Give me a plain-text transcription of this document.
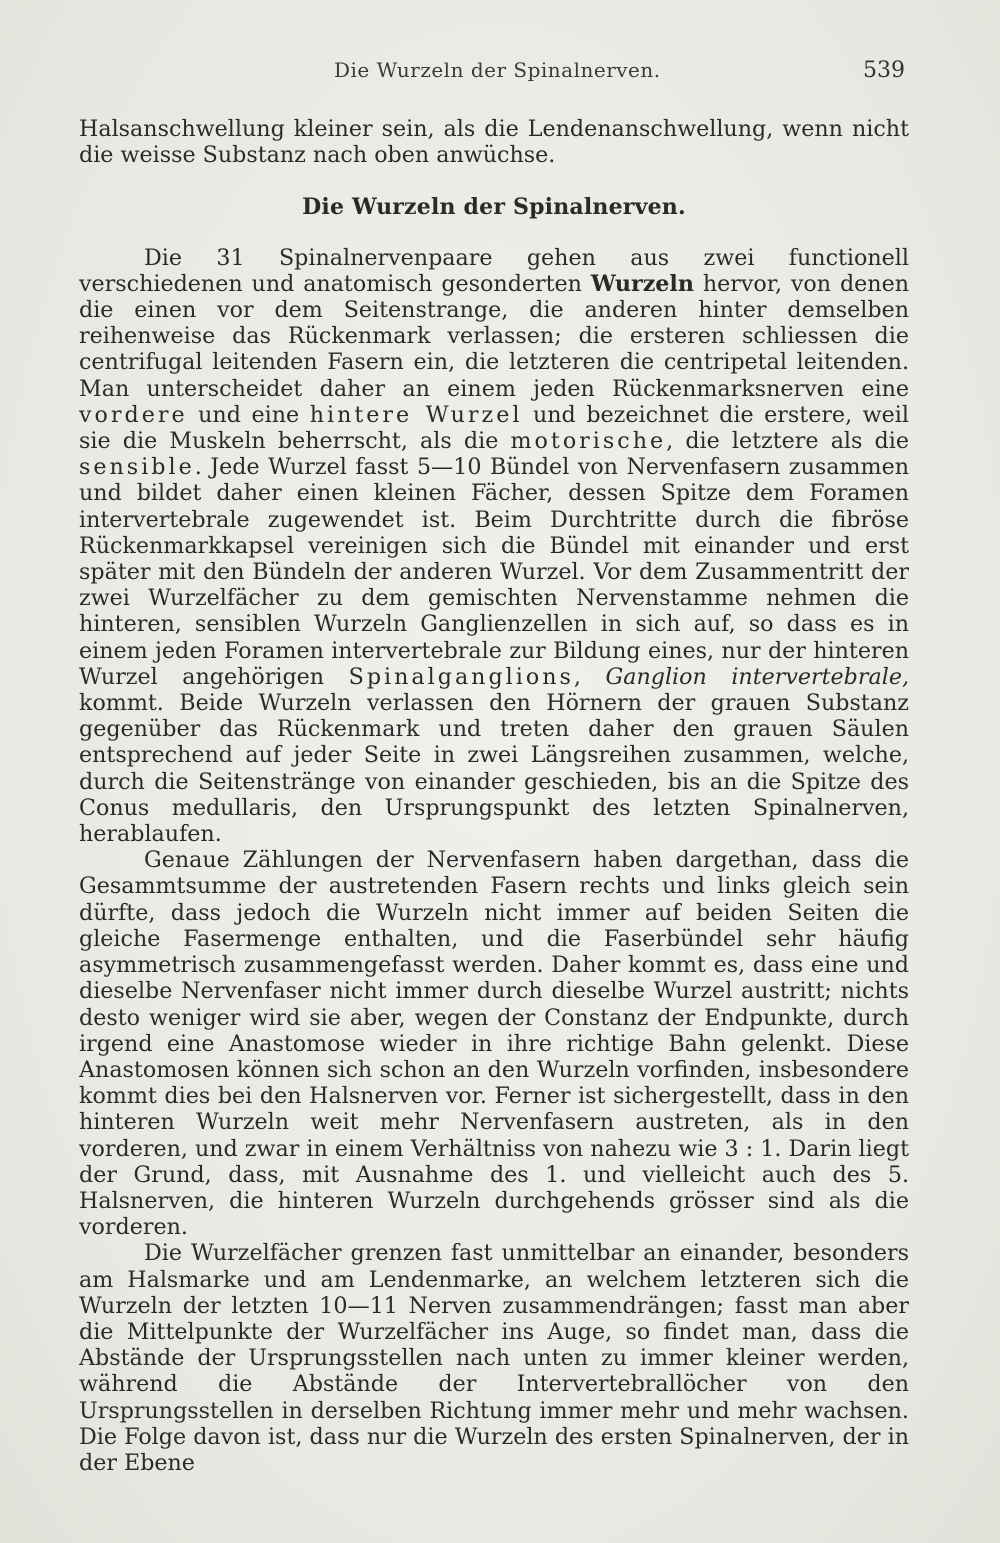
Die Wurzeln der Spinalnerven.	539

Halsanschwellung kleiner sein, als die Lendenanschwellung, wenn nicht die weisse Substanz nach oben anwüchse.

Die Wurzeln der Spinalnerven.

Die 31 Spinalnervenpaare gehen aus zwei functionell verschiedenen und anatomisch gesonderten Wurzeln hervor, von denen die einen vor dem Seitenstrange, die anderen hinter demselben reihenweise das Rückenmark verlassen; die ersteren schliessen die centrifugal leitenden Fasern ein, die letzteren die centripetal leitenden. Man unterscheidet daher an einem jeden Rückenmarksnerven eine vordere und eine hintere Wurzel und bezeichnet die erstere, weil sie die Muskeln beherrscht, als die motorische, die letztere als die sensible. Jede Wurzel fasst 5—10 Bündel von Nervenfasern zusammen und bildet daher einen kleinen Fächer, dessen Spitze dem Foramen intervertebrale zugewendet ist. Beim Durchtritte durch die fibröse Rückenmarkkapsel vereinigen sich die Bündel mit einander und erst später mit den Bündeln der anderen Wurzel. Vor dem Zusammentritt der zwei Wurzelfächer zu dem gemischten Nervenstamme nehmen die hinteren, sensiblen Wurzeln Ganglienzellen in sich auf, so dass es in einem jeden Foramen intervertebrale zur Bildung eines, nur der hinteren Wurzel angehörigen Spinalganglions, Ganglion intervertebrale, kommt. Beide Wurzeln verlassen den Hörnern der grauen Substanz gegenüber das Rückenmark und treten daher den grauen Säulen entsprechend auf jeder Seite in zwei Längsreihen zusammen, welche, durch die Seitenstränge von einander geschieden, bis an die Spitze des Conus medullaris, den Ursprungspunkt des letzten Spinalnerven, herablaufen.

Genaue Zählungen der Nervenfasern haben dargethan, dass die Gesammtsumme der austretenden Fasern rechts und links gleich sein dürfte, dass jedoch die Wurzeln nicht immer auf beiden Seiten die gleiche Fasermenge enthalten, und die Faserbündel sehr häufig asymmetrisch zusammengefasst werden. Daher kommt es, dass eine und dieselbe Nervenfaser nicht immer durch dieselbe Wurzel austritt; nichts desto weniger wird sie aber, wegen der Constanz der Endpunkte, durch irgend eine Anastomose wieder in ihre richtige Bahn gelenkt. Diese Anastomosen können sich schon an den Wurzeln vorfinden, insbesondere kommt dies bei den Halsnerven vor. Ferner ist sichergestellt, dass in den hinteren Wurzeln weit mehr Nervenfasern austreten, als in den vorderen, und zwar in einem Verhältniss von nahezu wie 3 : 1. Darin liegt der Grund, dass, mit Ausnahme des 1. und vielleicht auch des 5. Halsnerven, die hinteren Wurzeln durchgehends grösser sind als die vorderen.

Die Wurzelfächer grenzen fast unmittelbar an einander, besonders am Halsmarke und am Lendenmarke, an welchem letzteren sich die Wurzeln der letzten 10—11 Nerven zusammendrängen; fasst man aber die Mittelpunkte der Wurzelfächer ins Auge, so findet man, dass die Abstände der Ursprungsstellen nach unten zu immer kleiner werden, während die Abstände der Intervertebrallöcher von den Ursprungsstellen in derselben Richtung immer mehr und mehr wachsen. Die Folge davon ist, dass nur die Wurzeln des ersten Spinalnerven, der in der Ebene
